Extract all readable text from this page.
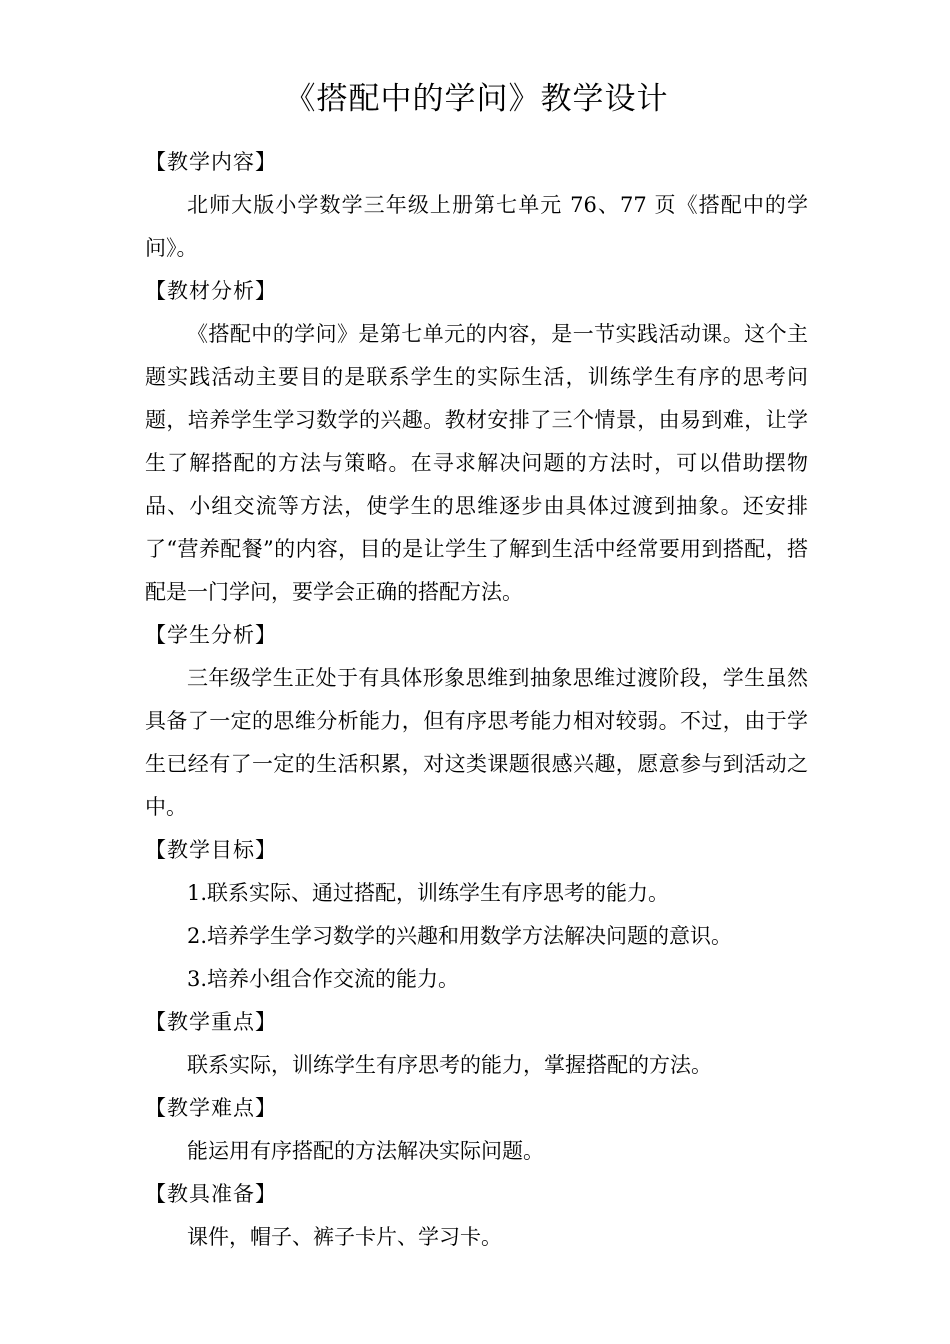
《搭配中的学问》教学设计

【教学内容】

北师大版小学数学三年级上册第七单元 76、77 页《搭配中的学问》。

【教材分析】

《搭配中的学问》是第七单元的内容，是一节实践活动课。这个主题实践活动主要目的是联系学生的实际生活，训练学生有序的思考问题，培养学生学习数学的兴趣。教材安排了三个情景，由易到难，让学生了解搭配的方法与策略。在寻求解决问题的方法时，可以借助摆物品、小组交流等方法，使学生的思维逐步由具体过渡到抽象。还安排了“营养配餐”的内容，目的是让学生了解到生活中经常要用到搭配，搭配是一门学问，要学会正确的搭配方法。

【学生分析】

三年级学生正处于有具体形象思维到抽象思维过渡阶段，学生虽然具备了一定的思维分析能力，但有序思考能力相对较弱。不过，由于学生已经有了一定的生活积累，对这类课题很感兴趣，愿意参与到活动之中。

【教学目标】

1.联系实际、通过搭配，训练学生有序思考的能力。

2.培养学生学习数学的兴趣和用数学方法解决问题的意识。

3.培养小组合作交流的能力。

【教学重点】

联系实际，训练学生有序思考的能力，掌握搭配的方法。

【教学难点】

能运用有序搭配的方法解决实际问题。

【教具准备】

课件，帽子、裤子卡片、学习卡。
